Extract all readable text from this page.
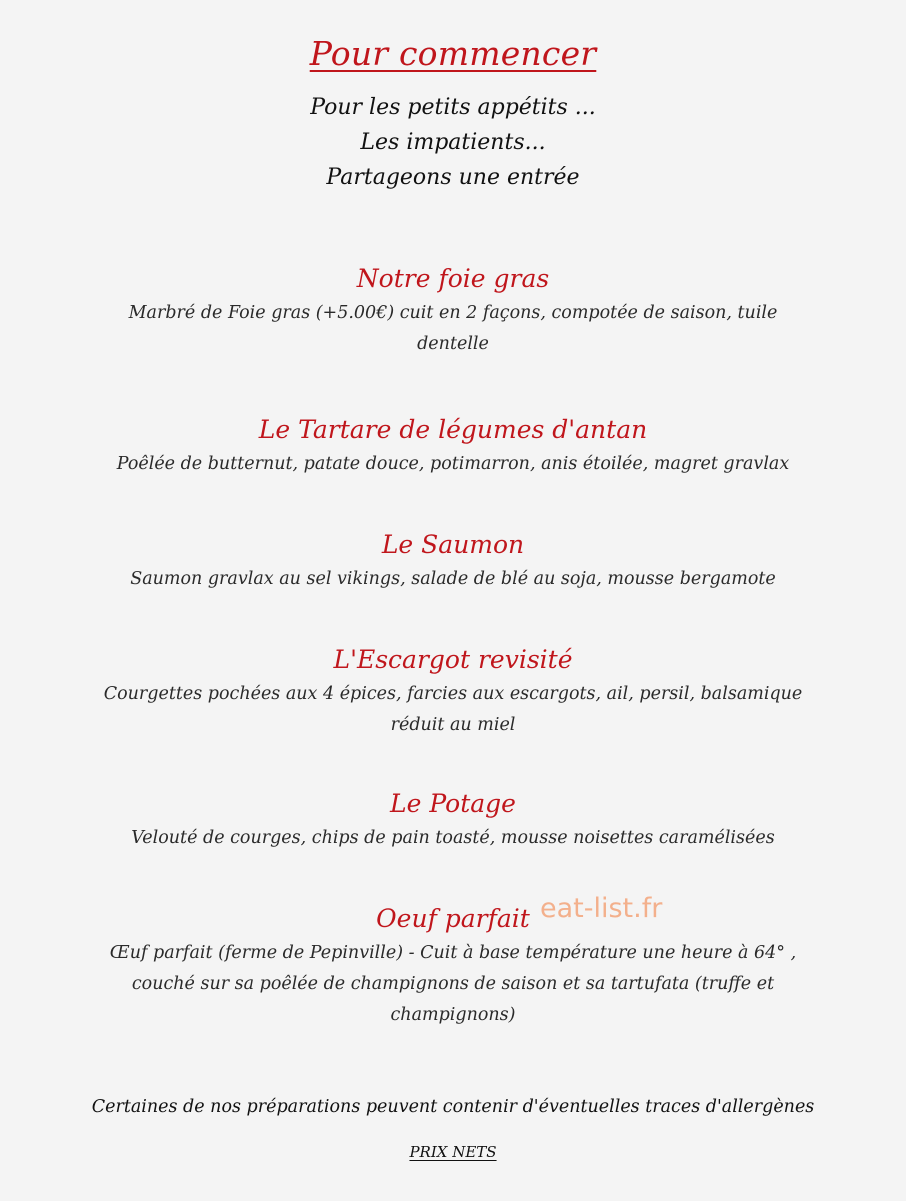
Pour commencer
Pour les petits appétits ...
Les impatients...
Partageons une entrée
Notre foie gras
Marbré de Foie gras (+5.00€) cuit en 2 façons, compotée de saison, tuile dentelle
Le Tartare de légumes d'antan
Poêlée de butternut, patate douce, potimarron, anis étoilée, magret gravlax
Le Saumon
Saumon gravlax au sel vikings, salade de blé au soja, mousse bergamote
L'Escargot revisité
Courgettes pochées aux 4 épices, farcies aux escargots, ail, persil, balsamique réduit au miel
Le Potage
Velouté de courges, chips de pain toasté, mousse noisettes caramélisées
Oeuf parfait
Œuf parfait (ferme de Pepinville) - Cuit à base température une heure à 64° , couché sur sa poêlée de champignons de saison et sa tartufata (truffe et champignons)
eat-list.fr
Certaines de nos préparations peuvent contenir d'éventuelles traces d'allergènes
PRIX NETS
